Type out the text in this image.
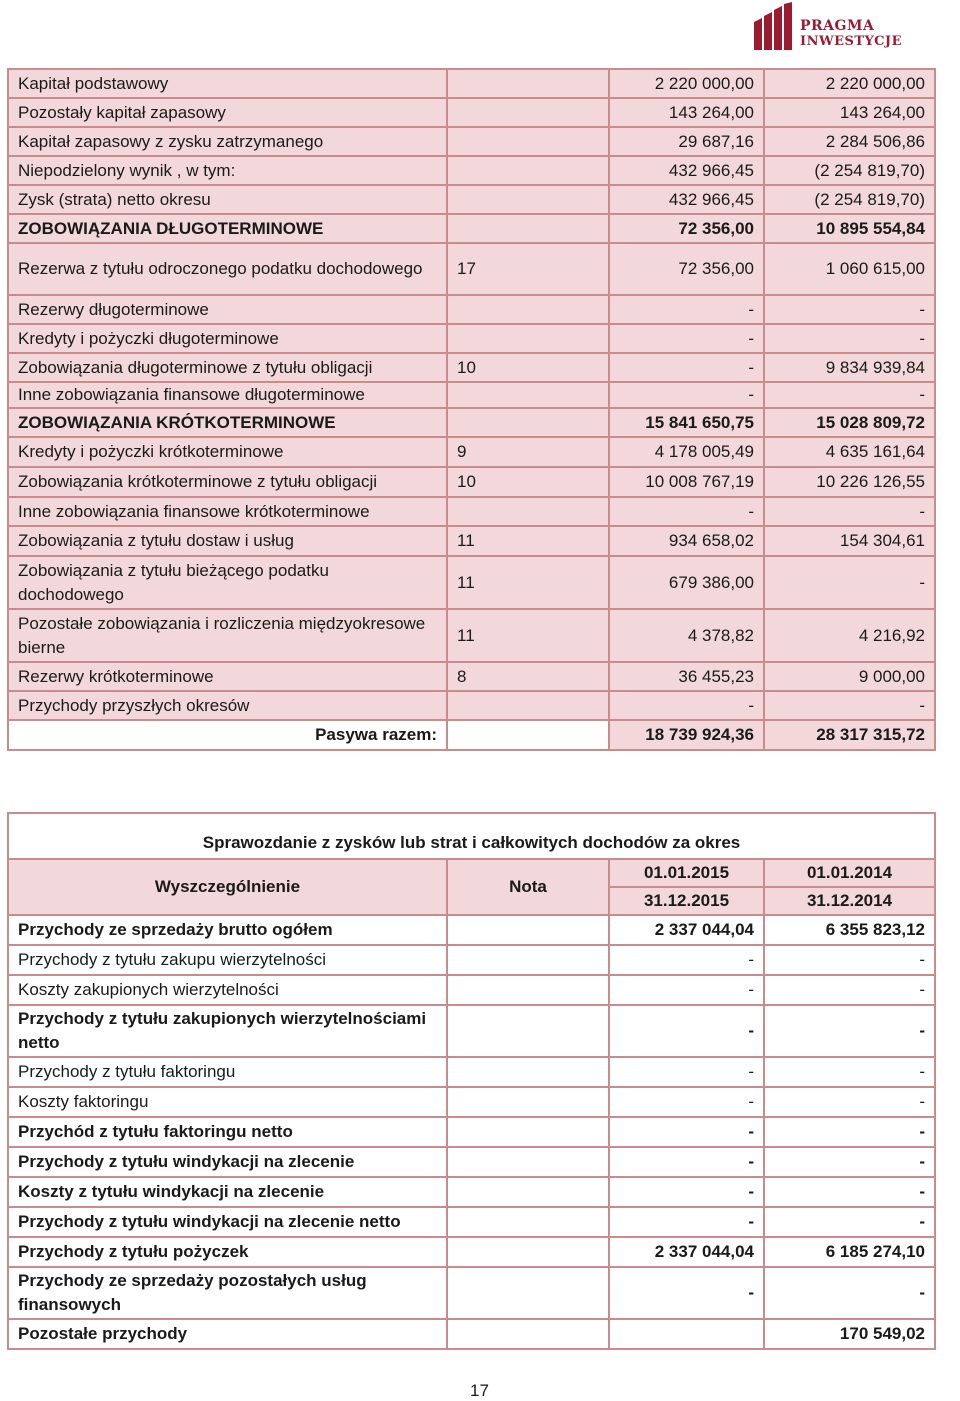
PRAGMA
INWESTYCJE
Kapitał podstawowy		2 220 000,00	2 220 000,00
Pozostały kapitał zapasowy		143 264,00	143 264,00
Kapitał zapasowy z zysku zatrzymanego		29 687,16	2 284 506,86
Niepodzielony wynik , w tym:		432 966,45	(2 254 819,70)
Zysk (strata) netto okresu		432 966,45	(2 254 819,70)
ZOBOWIĄZANIA DŁUGOTERMINOWE		72 356,00	10 895 554,84
Rezerwa z tytułu odroczonego podatku dochodowego	17	72 356,00	1 060 615,00
Rezerwy długoterminowe		-	-
Kredyty i pożyczki długoterminowe		-	-
Zobowiązania długoterminowe z tytułu obligacji	10	-	9 834 939,84
Inne zobowiązania finansowe długoterminowe		-	-
ZOBOWIĄZANIA KRÓTKOTERMINOWE		15 841 650,75	15 028 809,72
Kredyty i pożyczki krótkoterminowe	9	4 178 005,49	4 635 161,64
Zobowiązania krótkoterminowe z tytułu obligacji	10	10 008 767,19	10 226 126,55
Inne zobowiązania finansowe krótkoterminowe		-	-
Zobowiązania z tytułu dostaw i usług	11	934 658,02	154 304,61
Zobowiązania z tytułu bieżącego podatku dochodowego	11	679 386,00	-
Pozostałe zobowiązania i rozliczenia międzyokresowe bierne	11	4 378,82	4 216,92
Rezerwy krótkoterminowe	8	36 455,23	9 000,00
Przychody przyszłych okresów		-	-
Pasywa razem:		18 739 924,36	28 317 315,72
Sprawozdanie z zysków lub strat i całkowitych dochodów za okres			
Wyszczególnienie	Nota	01.01.2015	01.01.2014
		31.12.2015	31.12.2014
Przychody ze sprzedaży brutto ogółem		2 337 044,04	6 355 823,12
Przychody z tytułu zakupu wierzytelności		-	-
Koszty zakupionych wierzytelności		-	-
Przychody z tytułu zakupionych wierzytelnościami netto		-	-
Przychody z tytułu faktoringu		-	-
Koszty faktoringu		-	-
Przychód z tytułu faktoringu netto		-	-
Przychody z tytułu windykacji na zlecenie		-	-
Koszty z tytułu windykacji na zlecenie		-	-
Przychody z tytułu windykacji na zlecenie netto		-	-
Przychody z tytułu pożyczek		2 337 044,04	6 185 274,10
Przychody ze sprzedaży pozostałych usług finansowych		-	-
Pozostałe przychody			170 549,02
17
